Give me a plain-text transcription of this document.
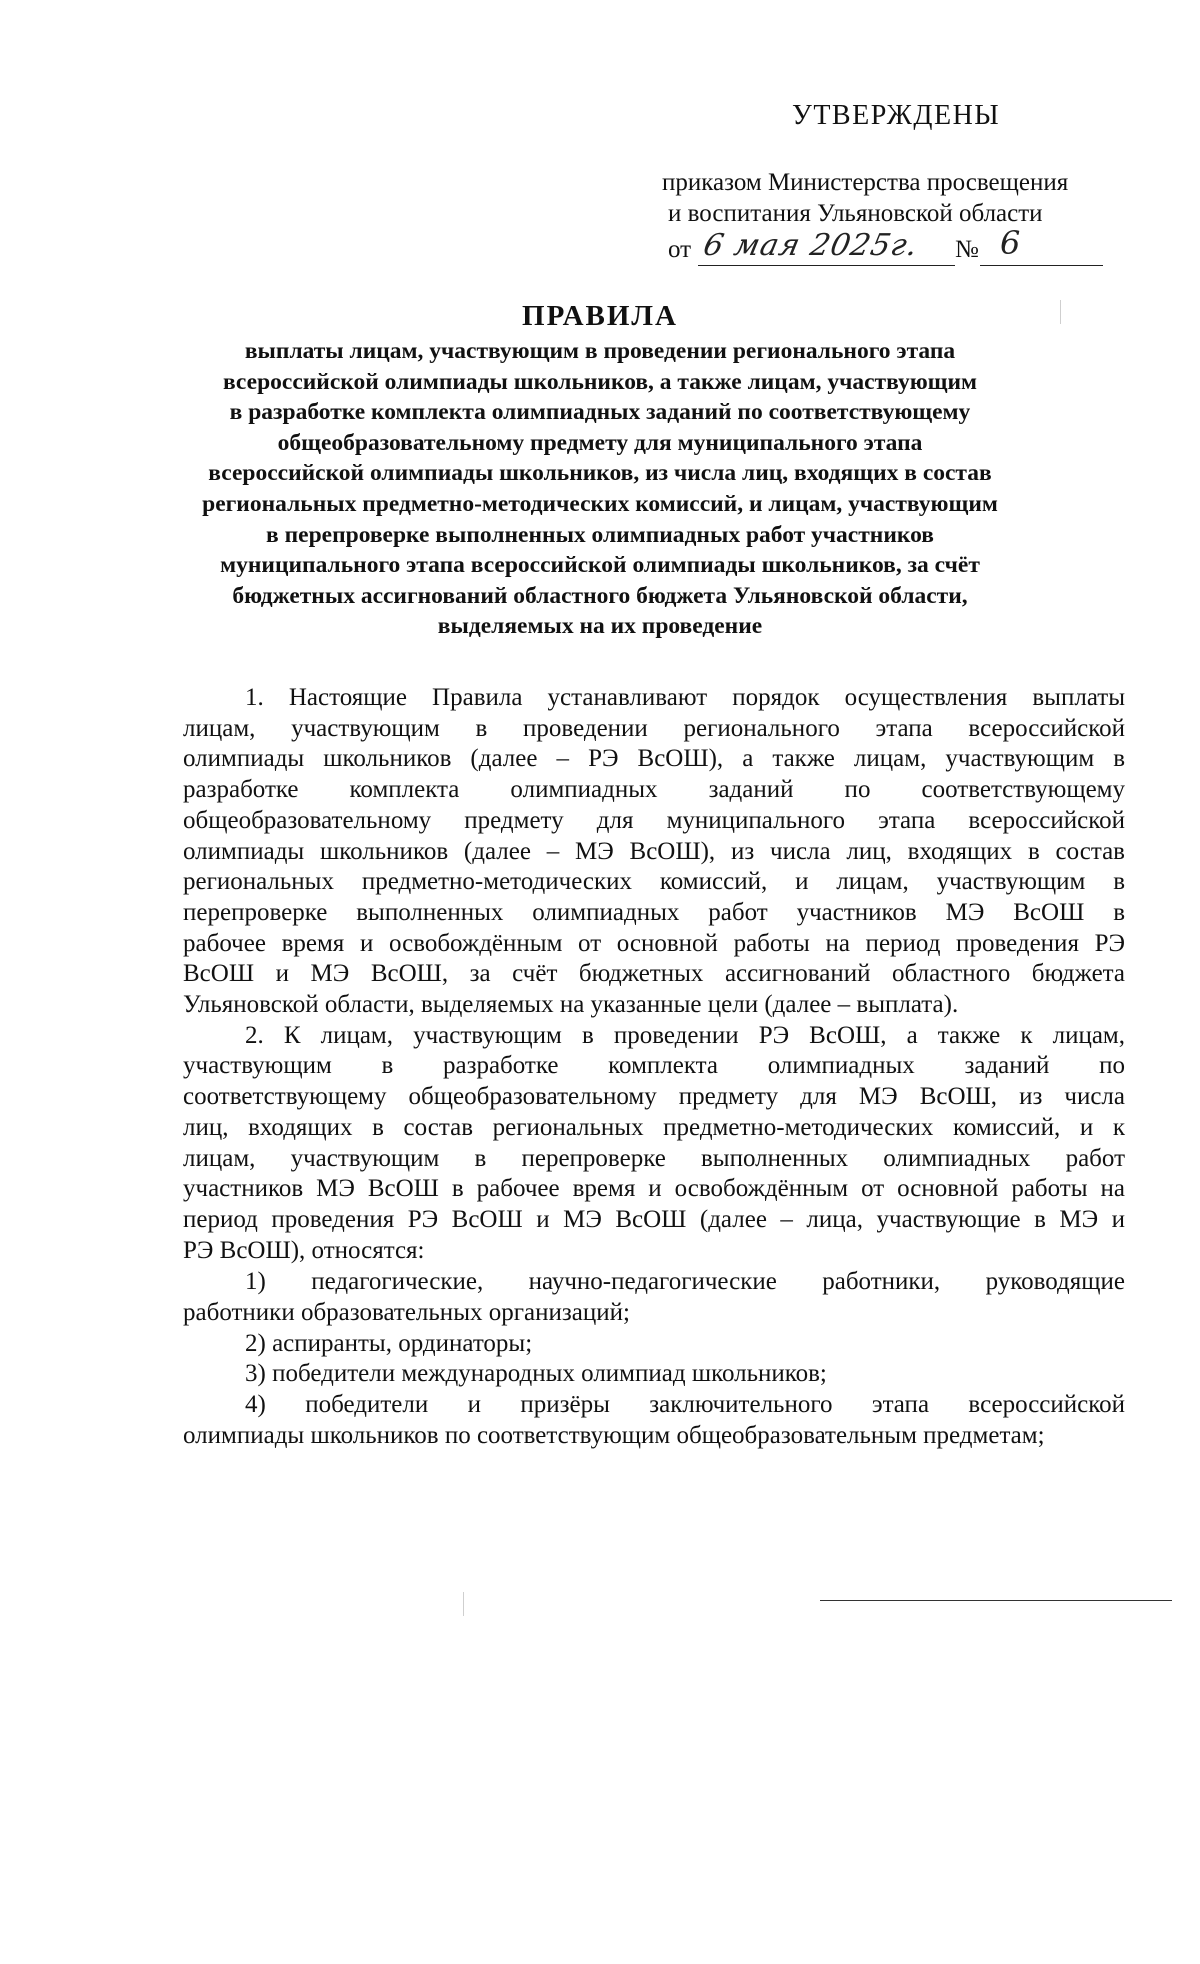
УТВЕРЖДЕНЫ
приказом Министерства просвещения
и воспитания Ульяновской области
от 6 мая 2025г. № 6
ПРАВИЛА
выплаты лицам, участвующим в проведении регионального этапа
всероссийской олимпиады школьников, а также лицам, участвующим
в разработке комплекта олимпиадных заданий по соответствующему
общеобразовательному предмету для муниципального этапа
всероссийской олимпиады школьников, из числа лиц, входящих в состав
региональных предметно-методических комиссий, и лицам, участвующим
в перепроверке выполненных олимпиадных работ участников
муниципального этапа всероссийской олимпиады школьников, за счёт
бюджетных ассигнований областного бюджета Ульяновской области,
выделяемых на их проведение
1. Настоящие Правила устанавливают порядок осуществления выплаты
лицам, участвующим в проведении регионального этапа всероссийской
олимпиады школьников (далее – РЭ ВсОШ), а также лицам, участвующим в
разработке комплекта олимпиадных заданий по соответствующему
общеобразовательному предмету для муниципального этапа всероссийской
олимпиады школьников (далее – МЭ ВсОШ), из числа лиц, входящих в состав
региональных предметно-методических комиссий, и лицам, участвующим в
перепроверке выполненных олимпиадных работ участников МЭ ВсОШ в
рабочее время и освобождённым от основной работы на период проведения РЭ
ВсОШ и МЭ ВсОШ, за счёт бюджетных ассигнований областного бюджета
Ульяновской области, выделяемых на указанные цели (далее – выплата).
2. К лицам, участвующим в проведении РЭ ВсОШ, а также к лицам,
участвующим в разработке комплекта олимпиадных заданий по
соответствующему общеобразовательному предмету для МЭ ВсОШ, из числа
лиц, входящих в состав региональных предметно-методических комиссий, и к
лицам, участвующим в перепроверке выполненных олимпиадных работ
участников МЭ ВсОШ в рабочее время и освобождённым от основной работы на
период проведения РЭ ВсОШ и МЭ ВсОШ (далее – лица, участвующие в МЭ и
РЭ ВсОШ), относятся:
1) педагогические, научно-педагогические работники, руководящие
работники образовательных организаций;
2) аспиранты, ординаторы;
3) победители международных олимпиад школьников;
4) победители и призёры заключительного этапа всероссийской
олимпиады школьников по соответствующим общеобразовательным предметам;
